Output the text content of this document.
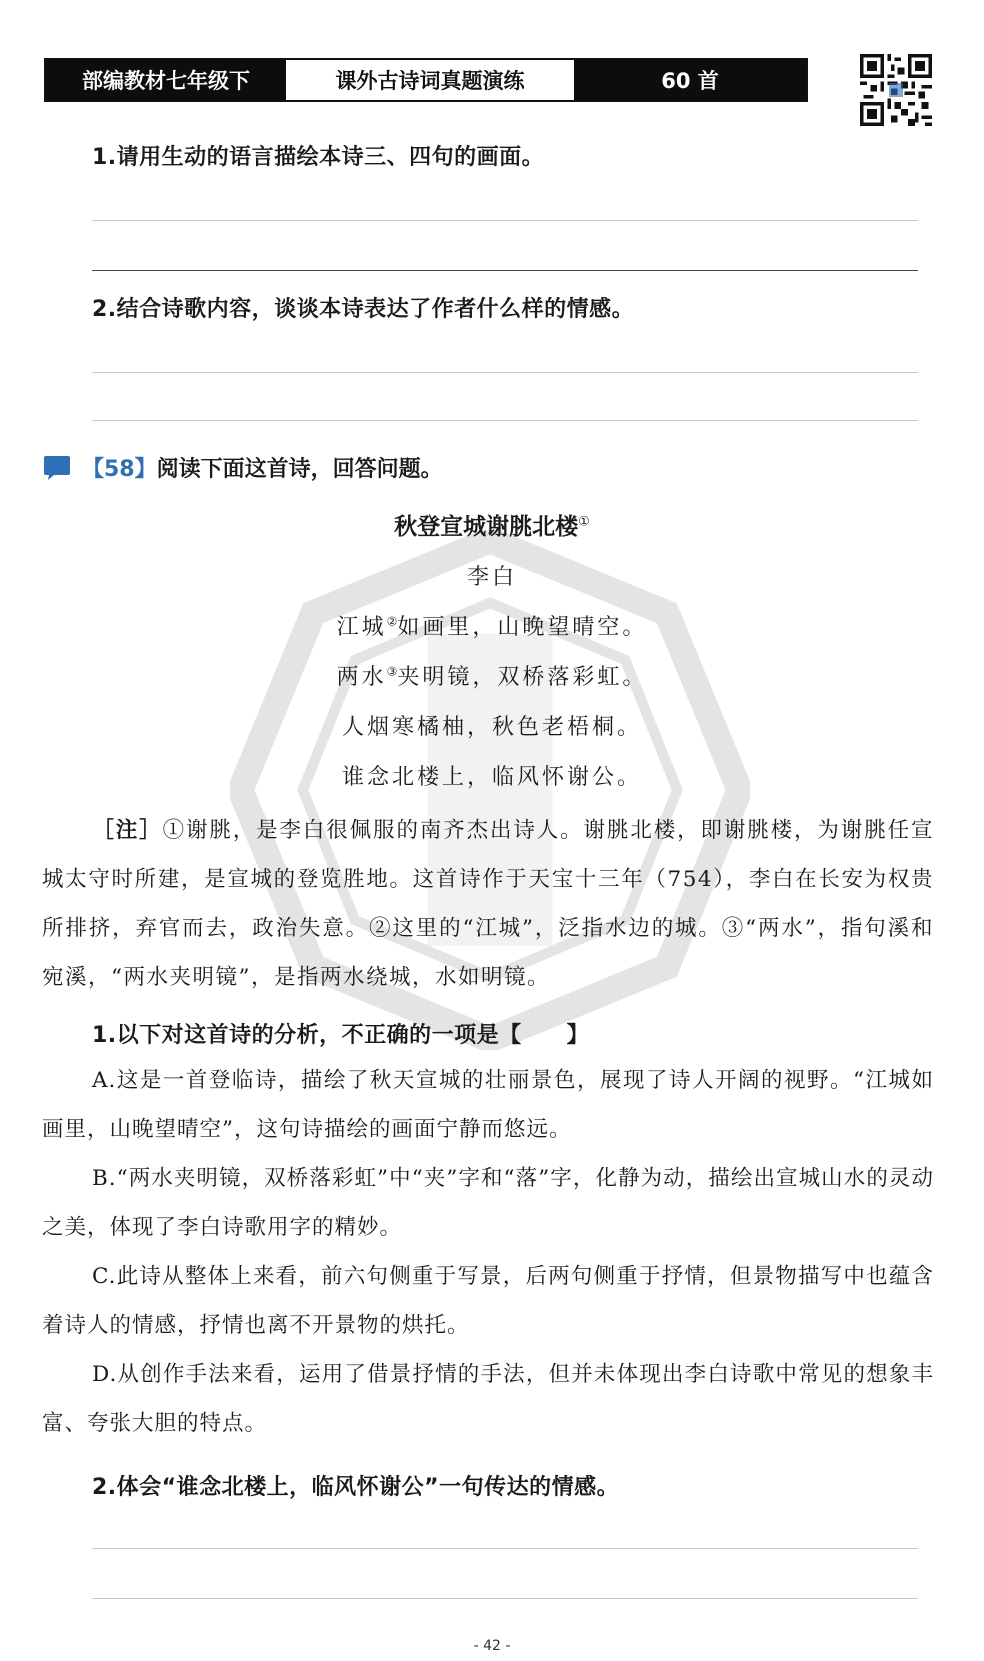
部编教材七年级下	课外古诗词真题演练	60 首
1.请用生动的语言描绘本诗三、四句的画面。
2.结合诗歌内容，谈谈本诗表达了作者什么样的情感。
【58】 阅读下面这首诗，回答问题。
秋登宣城谢朓北楼①
李白
江城②如画里，山晚望晴空。
两水③夹明镜，双桥落彩虹。
人烟寒橘柚，秋色老梧桐。
谁念北楼上，临风怀谢公。
［注］①谢朓，是李白很佩服的南齐杰出诗人。谢朓北楼，即谢朓楼，为谢朓任宣城太守时所建，是宣城的登览胜地。这首诗作于天宝十三年（754），李白在长安为权贵所排挤，弃官而去，政治失意。②这里的“江城”，泛指水边的城。③“两水”，指句溪和宛溪，“两水夹明镜”，是指两水绕城，水如明镜。
1.以下对这首诗的分析，不正确的一项是【　　】
A.这是一首登临诗，描绘了秋天宣城的壮丽景色，展现了诗人开阔的视野。“江城如画里，山晚望晴空”，这句诗描绘的画面宁静而悠远。
B.“两水夹明镜，双桥落彩虹”中“夹”字和“落”字，化静为动，描绘出宣城山水的灵动之美，体现了李白诗歌用字的精妙。
C.此诗从整体上来看，前六句侧重于写景，后两句侧重于抒情，但景物描写中也蕴含着诗人的情感，抒情也离不开景物的烘托。
D.从创作手法来看，运用了借景抒情的手法，但并未体现出李白诗歌中常见的想象丰富、夸张大胆的特点。
2.体会“谁念北楼上，临风怀谢公”一句传达的情感。
- 42 -
